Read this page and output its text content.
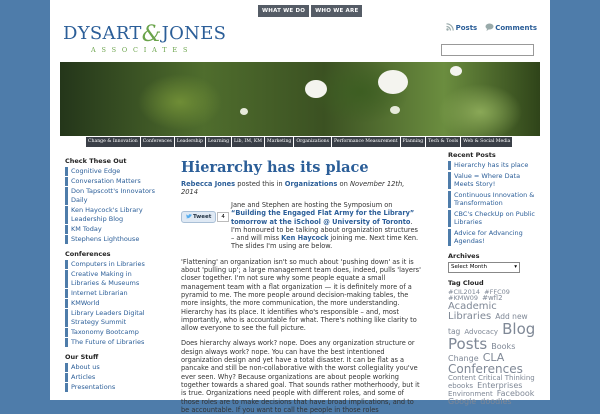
WHAT WE DO	WHO WE ARE
DYSART&JONES
ASSOCIATES
Posts	Comments
Change & Innovation	Conferences	Leadership	Learning	Lib, IM, KM	Marketing	Organizations	Performance Measurement	Planning	Tech & Tools	Web & Social Media
Check These Out
Cognitive Edge
Conversation Matters
Don Tapscott's Innovators Daily
Ken Haycock's Library Leadership Blog
KM Today
Stephens Lighthouse
Conferences
Computers in Libraries
Creative Making in Libraries & Museums
Internet Librarian
KMWorld
Library Leaders Digital Strategy Summit
Taxonomy Bootcamp
The Future of Libraries
Our Stuff
About us
Articles
Presentations
Hierarchy has its place
Rebecca Jones posted this in Organizations on November 12th, 2014
Tweet 4
Jane and Stephen are hosting the Symposium on “Building the Engaged Flat Army for the Library” tomorrow at the iSchool @ University of Toronto. I'm honoured to be talking about organization structures – and will miss Ken Haycock joining me. Next time Ken. The slides I'm using are below.

'Flattening' an organization isn't so much about 'pushing down' as it is about 'pulling up'; a large management team does, indeed, pulls 'layers' closer together. I'm not sure why some people equate a small management team with a flat organization — it is definitely more of a pyramid to me. The more people around decision-making tables, the more insights, the more communication, the more understanding. Hierarchy has its place. It identifies who's responsible – and, most importantly, who is accountable for what. There's nothing like clarity to allow everyone to see the full picture.

Does hierarchy always work? nope. Does any organization structure or design always work? nope. You can have the best intentioned organization design and yet have a total disaster. It can be flat as a pancake and still be non-collaborative with the worst collegiality you've ever seen. Why? Because organizations are about people working together towards a shared goal. That sounds rather motherhoody, but it is true. Organizations need people with different roles, and some of those roles are to make decisions that have broad implications, and to be accountable. If you want to call the people in those roles

Recent Posts
Hierarchy has its place
Value = Where Data Meets Story!
Continuous Innovation & Transformation
CBC's CheckUp on Public Libraries
Advice for Advancing Agendas!
Archives
Select Month	▾
Tag Cloud
#CIL2014 #FFC09 #KMW09 #wfl2 Academic Libraries Add new tag Advocacy Blog Posts Books Change CLA Conferences Content Critical Thinking ebooks Enterprises Environment Facebook Google doodles
